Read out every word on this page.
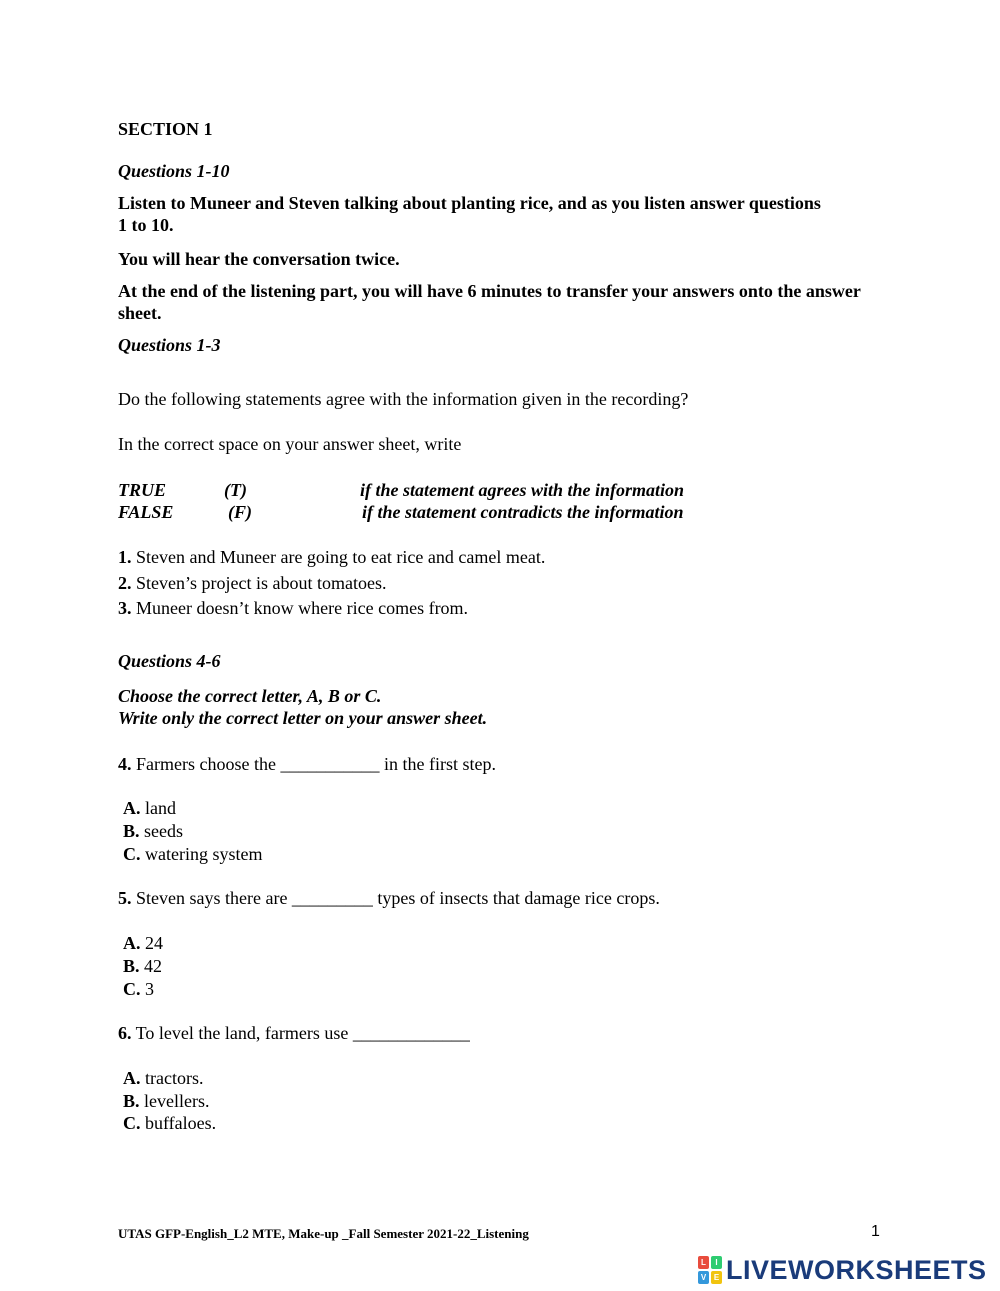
SECTION 1
Questions 1-10
Listen to Muneer and Steven talking about planting rice, and as you listen answer questions 1 to 10.
You will hear the conversation twice.
At the end of the listening part, you will have 6 minutes to transfer your answers onto the answer sheet.
Questions 1-3
Do the following statements agree with the information given in the recording?
In the correct space on your answer sheet, write
TRUE	(T)	if the statement agrees with the information
FALSE	(F)	if the statement contradicts the information
1. Steven and Muneer are going to eat rice and camel meat.
2. Steven’s project is about tomatoes.
3. Muneer doesn’t know where rice comes from.
Questions 4-6
Choose the correct letter, A, B or C.
Write only the correct letter on your answer sheet.
4. Farmers choose the ___________ in the first step.
A. land
B. seeds
C. watering system
5. Steven says there are _________ types of insects that damage rice crops.
A. 24
B. 42
C. 3
6. To level the land, farmers use _____________
A. tractors.
B. levellers.
C. buffaloes.
UTAS GFP-English_L2 MTE, Make-up _Fall Semester 2021-22_Listening	1
L	I
V E LIVEWORKSHEETS
